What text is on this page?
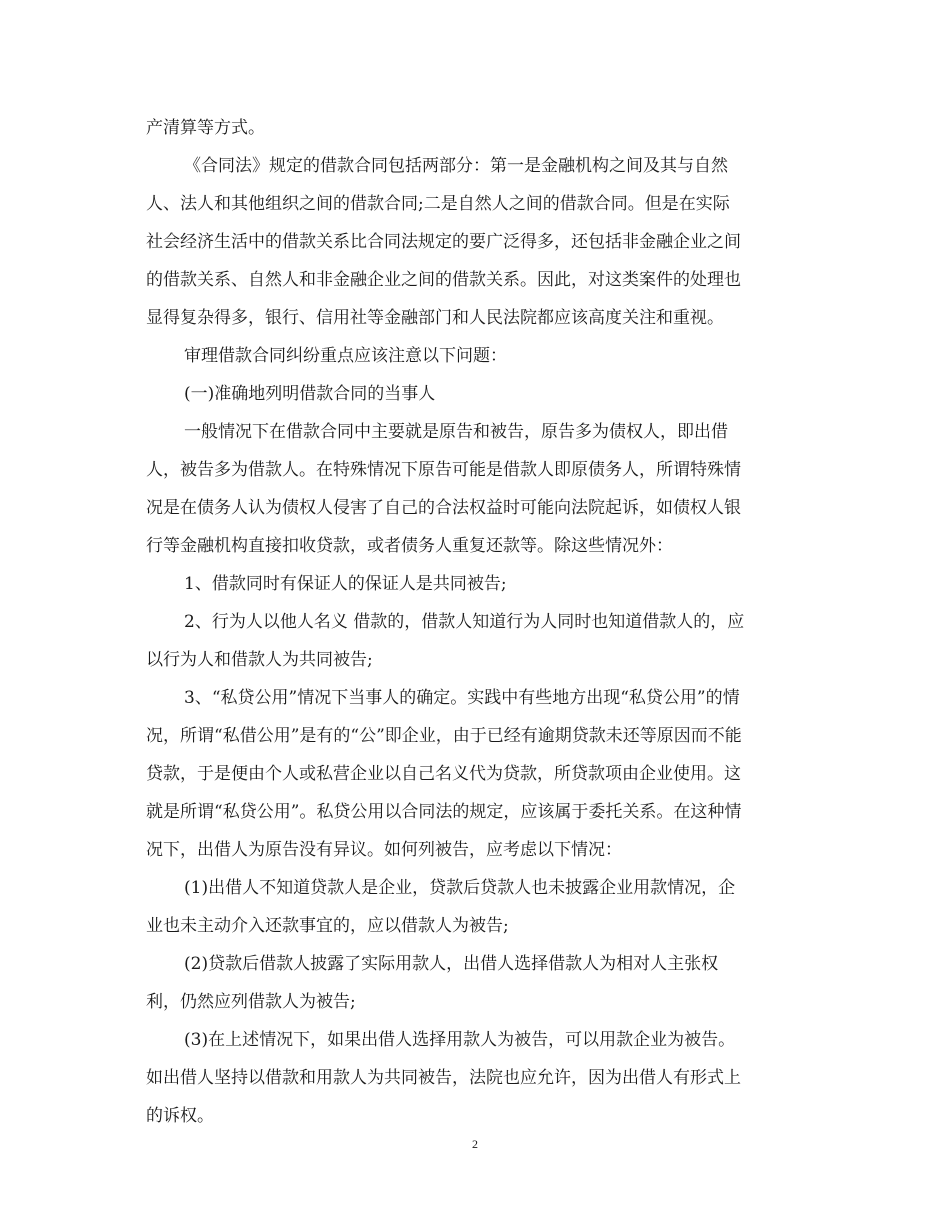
产清算等方式。

《合同法》规定的借款合同包括两部分：第一是金融机构之间及其与自然

人、法人和其他组织之间的借款合同;二是自然人之间的借款合同。但是在实际

社会经济生活中的借款关系比合同法规定的要广泛得多，还包括非金融企业之间

的借款关系、自然人和非金融企业之间的借款关系。因此，对这类案件的处理也

显得复杂得多，银行、信用社等金融部门和人民法院都应该高度关注和重视。

审理借款合同纠纷重点应该注意以下问题：

(一)准确地列明借款合同的当事人

一般情况下在借款合同中主要就是原告和被告，原告多为债权人，即出借

人，被告多为借款人。在特殊情况下原告可能是借款人即原债务人，所谓特殊情

况是在债务人认为债权人侵害了自己的合法权益时可能向法院起诉，如债权人银

行等金融机构直接扣收贷款，或者债务人重复还款等。除这些情况外：

1、借款同时有保证人的保证人是共同被告;

2、行为人以他人名义 借款的，借款人知道行为人同时也知道借款人的，应

以行为人和借款人为共同被告;

3、“私贷公用”情况下当事人的确定。实践中有些地方出现“私贷公用”的情

况，所谓“私借公用”是有的“公”即企业，由于已经有逾期贷款未还等原因而不能

贷款，于是便由个人或私营企业以自己名义代为贷款，所贷款项由企业使用。这

就是所谓“私贷公用”。私贷公用以合同法的规定，应该属于委托关系。在这种情

况下，出借人为原告没有异议。如何列被告，应考虑以下情况：

(1)出借人不知道贷款人是企业，贷款后贷款人也未披露企业用款情况，企

业也未主动介入还款事宜的，应以借款人为被告;

(2)贷款后借款人披露了实际用款人，出借人选择借款人为相对人主张权

利，仍然应列借款人为被告;

(3)在上述情况下，如果出借人选择用款人为被告，可以用款企业为被告。

如出借人坚持以借款和用款人为共同被告，法院也应允许，因为出借人有形式上

的诉权。

2
